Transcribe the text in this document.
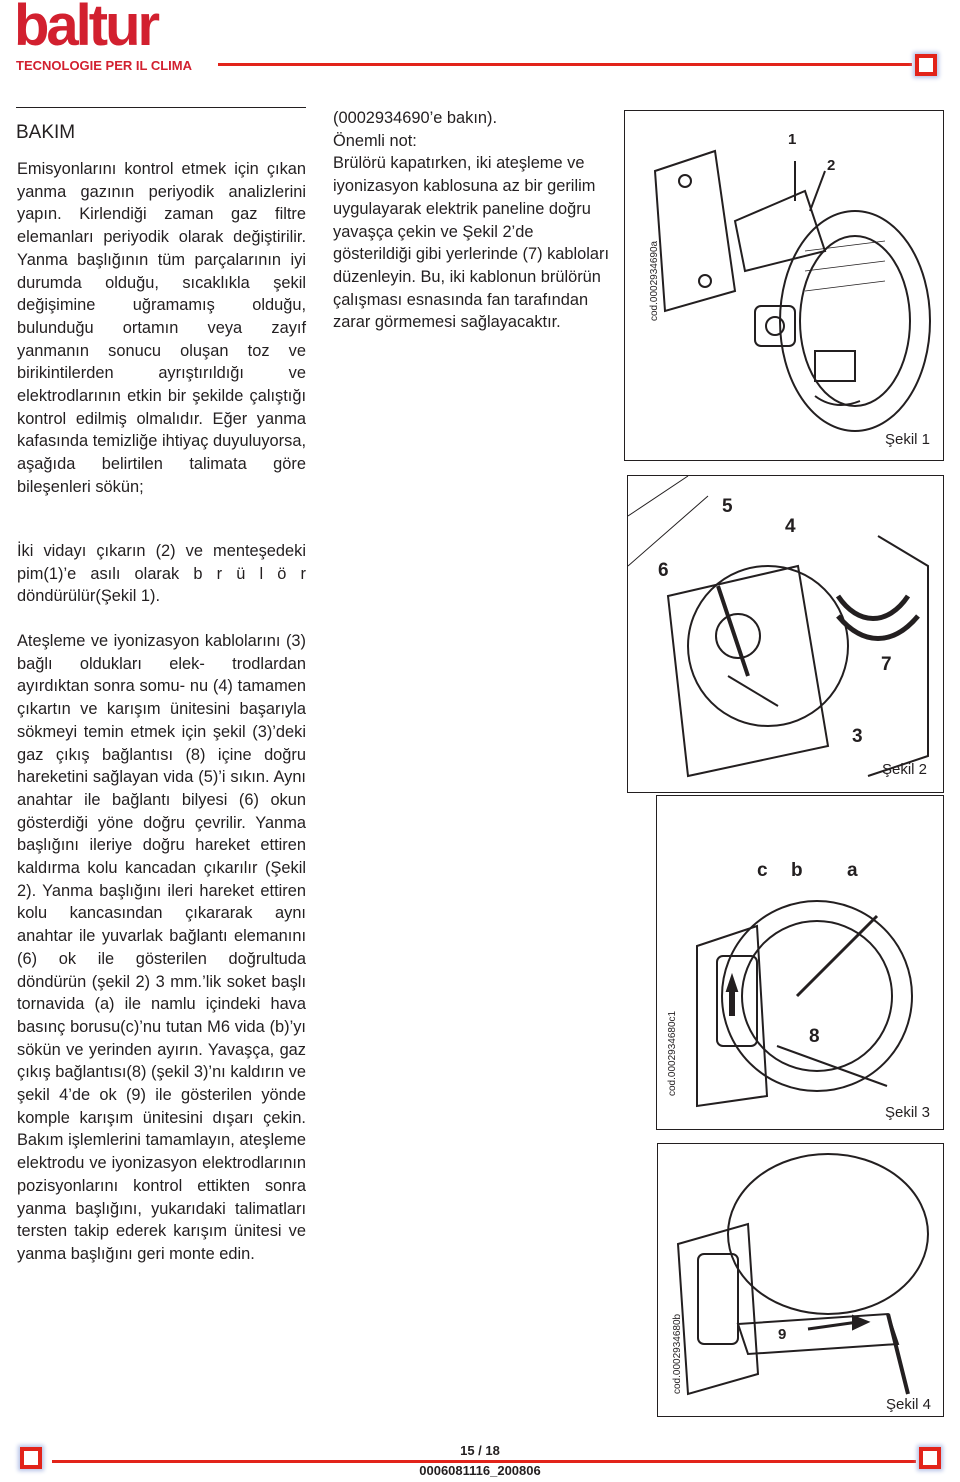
baltur
TECNOLOGIE PER IL CLIMA
BAKIM

Emisyonlarını kontrol etmek için çıkan yanma gazının periyodik analizlerini yapın. Kirlendiği zaman gaz filtre elemanları periyodik olarak değiştirilir. Yanma başlığının tüm parçalarının iyi durumda olduğu, sıcaklıkla şekil değişimine uğramamış olduğu, bulunduğu ortamın veya zayıf yanmanın sonucu oluşan toz ve birikintilerden ayrıştırıldığı ve elektrodlarının etkin bir şekilde çalıştığı kontrol edilmiş olmalıdır. Eğer yanma kafasında temizliğe ihtiyaç duyuluyorsa, aşağıda belirtilen talimata göre bileşenleri sökün;

İki vidayı çıkarın (2) ve menteşedeki pim(1)’e asılı olarak b r ü l ö r döndürülür(Şekil 1).

Ateşleme ve iyonizasyon kablolarını (3) bağlı oldukları elek- trodlardan ayırdıktan sonra somu- nu (4) tamamen çıkartın ve karışım ünitesini başarıyla sökmeyi temin etmek için şekil (3)’deki gaz çıkış bağlantısı (8) içine doğru hareketini sağlayan vida (5)’i sıkın. Aynı anahtar ile bağlantı bilyesi (6) okun gösterdiği yöne doğru çevrilir. Yanma başlığını ileriye doğru hareket ettiren kaldırma kolu kancadan çıkarılır (Şekil 2). Yanma başlığını ileri hareket ettiren kolu kancasından çıkararak aynı anahtar ile yuvarlak bağlantı elemanını (6) ok ile gösterilen doğrultuda döndürün (şekil 2) 3 mm.’lik soket başlı tornavida (a) ile namlu içindeki hava basınç borusu(c)’nu tutan M6 vida (b)’yı sökün ve yerinden ayırın. Yavaşça, gaz çıkış bağlantısı(8) (şekil 3)’nı kaldırın ve şekil 4’de ok (9) ile gösterilen yönde komple karışım ünitesini dışarı çekin. Bakım işlemlerini tamamlayın, ateşleme elektrodu ve iyonizasyon elektrodlarının pozisyonlarını kontrol ettikten sonra yanma başlığını, yukarıdaki talimatları tersten takip ederek karışım ünitesi ve yanma başlığını geri monte edin.

(0002934690’e bakın).

Önemli not:

Brülörü kapatırken, iki ateşleme ve iyonizasyon kablosuna az bir gerilim uygulayarak elektrik paneline doğru yavaşça çekin ve Şekil 2’de gösterildiği gibi yerlerinde (7) kabloları düzenleyin. Bu, iki kablonun brülörün çalışması esnasında fan tarafından zarar görmemesi sağlayacaktır.

cod.0002934690a
1
2
Şekil 1
5
4
6
7
3
Şekil 2
cod.0002934680c1
c b a
8
Şekil 3
cod.0002934680b	9
Şekil 4
15 / 18
0006081116_200806
